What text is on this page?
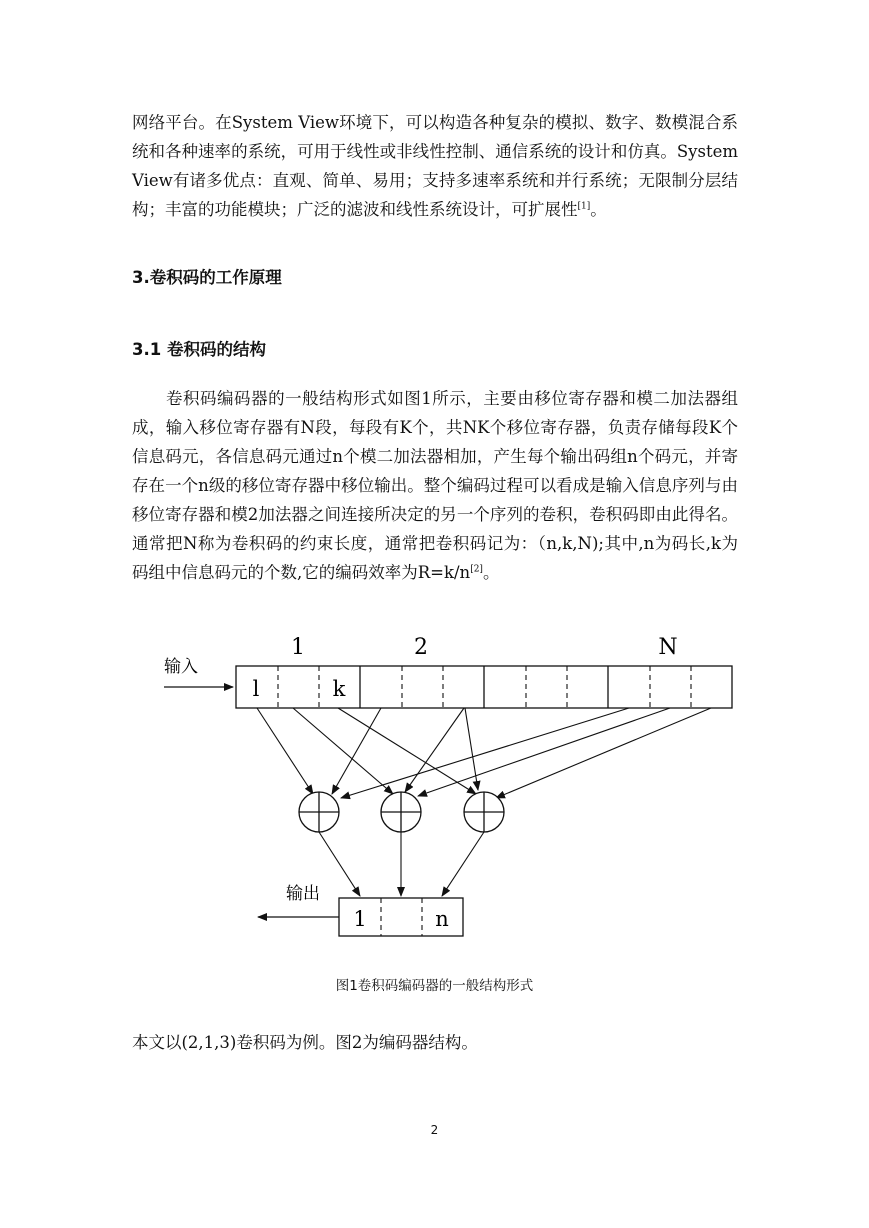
网络平台。在System View环境下，可以构造各种复杂的模拟、数字、数模混合系统和各种速率的系统，可用于线性或非线性控制、通信系统的设计和仿真。System View有诸多优点：直观、简单、易用；支持多速率系统和并行系统；无限制分层结构；丰富的功能模块；广泛的滤波和线性系统设计，可扩展性[1]。

3.卷积码的工作原理
3.1 卷积码的结构

卷积码编码器的一般结构形式如图1所示，主要由移位寄存器和模二加法器组成，输入移位寄存器有N段，每段有K个，共NK个移位寄存器，负责存储每段K个信息码元，各信息码元通过n个模二加法器相加，产生每个输出码组n个码元，并寄存在一个n级的移位寄存器中移位输出。整个编码过程可以看成是输入信息序列与由移位寄存器和模2加法器之间连接所决定的另一个序列的卷积，卷积码即由此得名。通常把N称为卷积码的约束长度，通常把卷积码记为：（n,k,N);其中,n为码长,k为码组中信息码元的个数,它的编码效率为R=k/n[2]。

1	2	N
输入
l	k
1	n
输出

图1卷积码编码器的一般结构形式

本文以(2,1,3)卷积码为例。图2为编码器结构。

2
